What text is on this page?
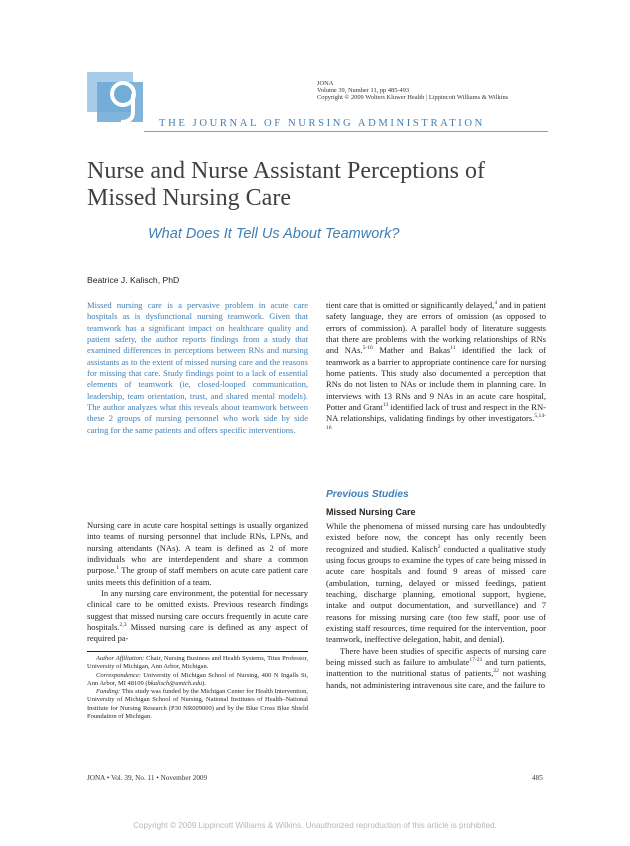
JONA
Volume 39, Number 11, pp 485-493
Copyright © 2009 Wolters Kluwer Health | Lippincott Williams & Wilkins
THE JOURNAL OF NURSING ADMINISTRATION
Nurse and Nurse Assistant Perceptions of Missed Nursing Care
What Does It Tell Us About Teamwork?
Beatrice J. Kalisch, PhD

Missed nursing care is a pervasive problem in acute care hospitals as is dysfunctional nursing teamwork. Given that teamwork has a significant impact on healthcare quality and patient safety, the author reports findings from a study that examined differences in perceptions between RNs and nursing assistants as to the extent of missed nursing care and the reasons for missing that care. Study findings point to a lack of essential elements of teamwork (ie, closed-looped communication, leadership, team orientation, trust, and shared mental models). The author analyzes what this reveals about teamwork between these 2 groups of nursing personnel who work side by side caring for the same patients and offers specific interventions.

Nursing care in acute care hospital settings is usually organized into teams of nursing personnel that include RNs, LPNs, and nursing attendants (NAs). A team is defined as 2 of more individuals who are interdependent and share a common purpose.$^1$ The group of staff members on acute care patient care units meets this definition of a team.

In any nursing care environment, the potential for necessary clinical care to be omitted exists. Previous research findings suggest that missed nursing care occurs frequently in acute care hospitals.$^{2,3}$ Missed nursing care is defined as any aspect of required pa-

tient care that is omitted or significantly delayed,$^4$ and in patient safety language, they are errors of omission (as opposed to errors of commission). A parallel body of literature suggests that there are problems with the working relationships of RNs and NAs.$^{5-16}$ Mather and Bakas$^{11}$ identified the lack of teamwork as a barrier to appropriate continence care for nursing home patients. This study also documented a perception that RNs do not listen to NAs or include them in planning care. In interviews with 13 RNs and 9 NAs in an acute care hospital, Potter and Grant$^{13}$ identified lack of trust and respect in the RN-NA relationships, validating findings by other investigators.$^{5,14-16}$

Previous Studies
Missed Nursing Care

While the phenomena of missed nursing care has undoubtedly existed before now, the concept has only recently been recognized and studied. Kalisch$^2$ conducted a qualitative study using focus groups to examine the types of care being missed in acute care hospitals and found 9 areas of missed care (ambulation, turning, delayed or missed feedings, patient teaching, discharge planning, emotional support, hygiene, intake and output documentation, and surveillance) and 7 reasons for missing nursing care (too few staff, poor use of existing staff resources, time required for the intervention, poor teamwork, ineffective delegation, habit, and denial).

There have been studies of specific aspects of nursing care being missed such as failure to ambulate$^{17-21}$ and turn patients, inattention to the nutritional status of patients,$^{22}$ not washing hands, not administering intravenous site care, and the failure to

Author Affiliation: Chair, Nursing Business and Health Systems, Titus Professor, University of Michigan, Ann Arbor, Michigan.

Correspondence: University of Michigan School of Nursing, 400 N Ingalls St, Ann Arbor, MI 48109 (bkalisch@umich.edu).

Funding: This study was funded by the Michigan Center for Health Intervention, University of Michigan School of Nursing, National Institutes of Health–National Institute for Nursing Research (P30 NR009000) and by the Blue Cross Blue Shield Foundation of Michigan.

JONA • Vol. 39, No. 11 • November 2009	485
Copyright © 2009 Lippincott Williams & Wilkins. Unauthorized reproduction of this article is prohibited.
